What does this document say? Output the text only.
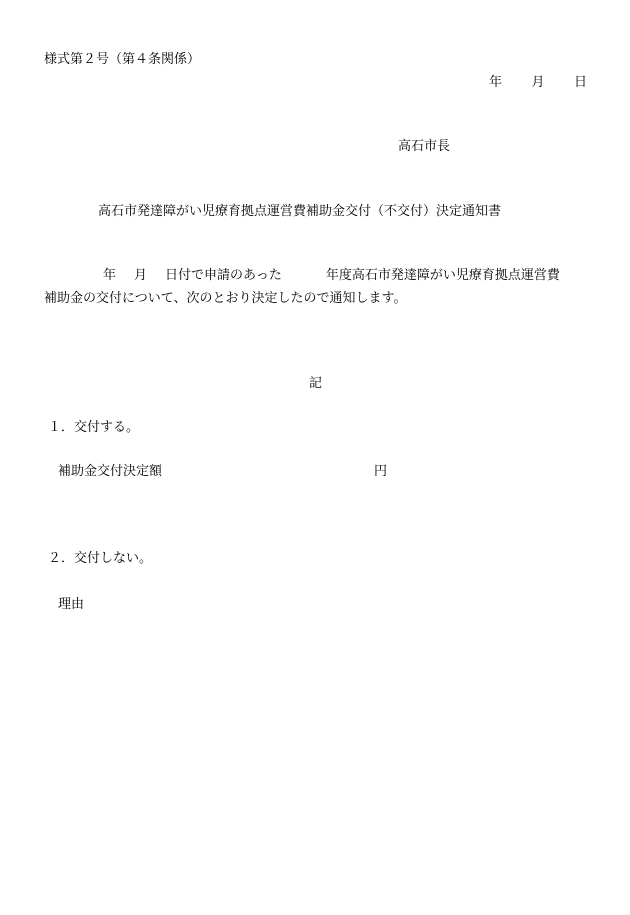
様式第２号（第４条関係）
年 月 日
高石市長
高石市発達障がい児療育拠点運営費補助金交付（不交付）決定通知書
年 月 日付で申請のあった	年度高石市発達障がい児療育拠点運営費
補助金の交付について、次のとおり決定したので通知します。
記
１．交付する。
補助金交付決定額	円
２．交付しない。
理由
